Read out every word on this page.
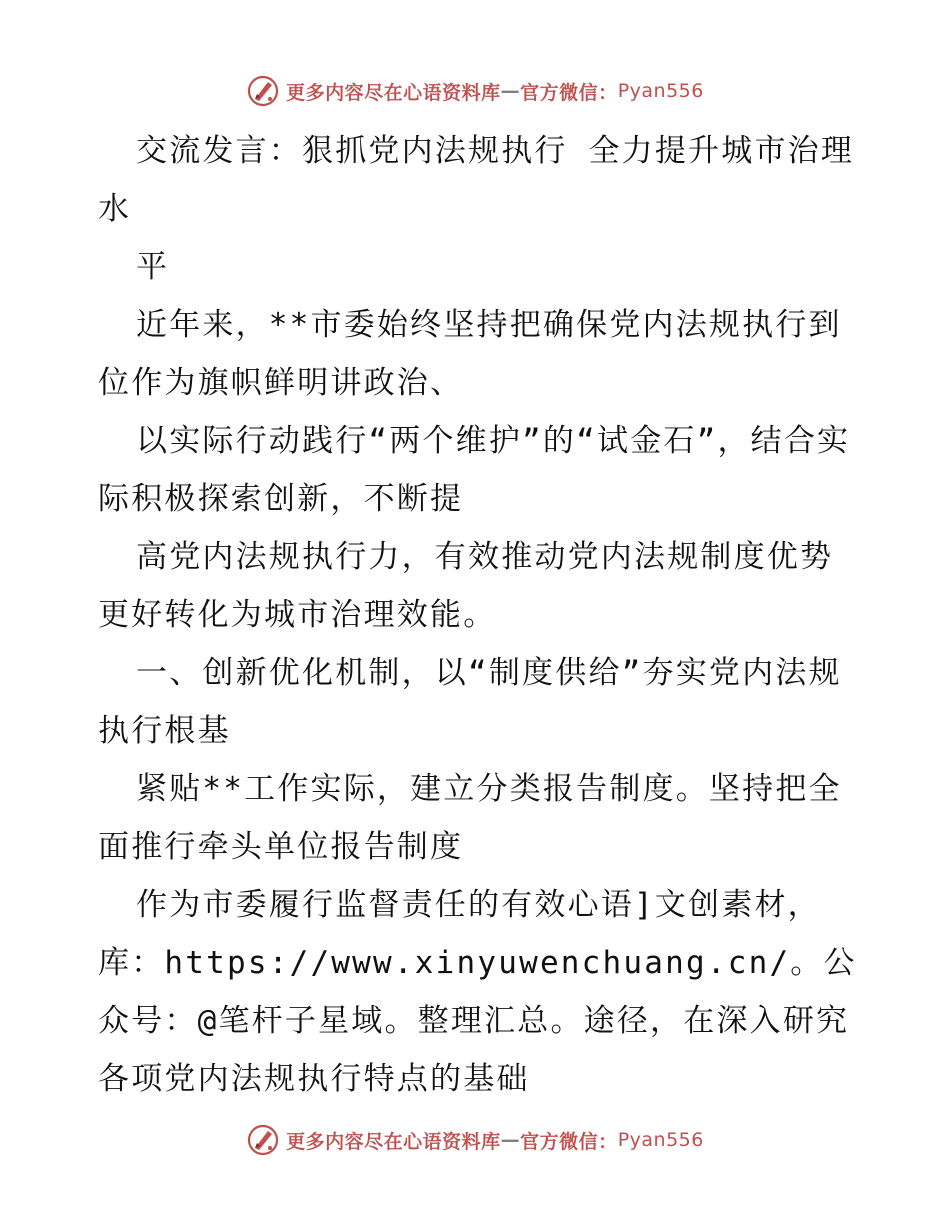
更多内容尽在心语资料库 — 官方微信： Pyan556

交流发言：狠抓党内法规执行 全力提升城市治理水

平

近年来，**市委始终坚持把确保党内法规执行到位作为旗帜鲜明讲政治、

以实际行动践行“两个维护”的“试金石”，结合实际积极探索创新，不断提

高党内法规执行力，有效推动党内法规制度优势更好转化为城市治理效能。

一、创新优化机制，以“制度供给”夯实党内法规执行根基

紧贴**工作实际，建立分类报告制度。坚持把全面推行牵头单位报告制度

作为市委履行监督责任的有效心语]文创素材，库：https://www.xinyuwenchuang.cn/。公众号：@笔杆子星域。整理汇总。途径，在深入研究各项党内法规执行特点的基础

更多内容尽在心语资料库 — 官方微信： Pyan556
